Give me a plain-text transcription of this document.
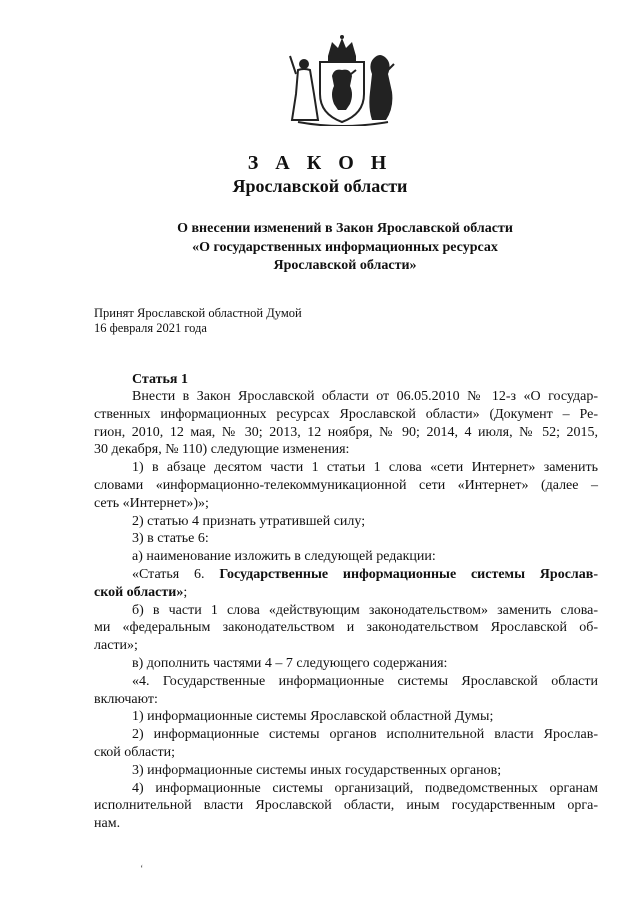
З А К О Н
Ярославской области
О внесении изменений в Закон Ярославской области
«О государственных информационных ресурсах
Ярославской области»
Принят Ярославской областной Думой
16 февраля 2021 года
Статья 1
Внести в Закон Ярославской области от 06.05.2010 № 12-з «О государ-
ственных информационных ресурсах Ярославской области» (Документ – Ре-
гион, 2010, 12 мая, № 30; 2013, 12 ноября, № 90; 2014, 4 июля, № 52; 2015,
30 декабря, № 110) следующие изменения:
1) в абзаце десятом части 1 статьи 1 слова «сети Интернет» заменить
словами «информационно-телекоммуникационной сети «Интернет» (далее –
сеть «Интернет»)»;
2) статью 4 признать утратившей силу;
3) в статье 6:
а) наименование изложить в следующей редакции:
«Статья 6. Государственные информационные системы Ярослав-
ской области»;
б) в части 1 слова «действующим законодательством» заменить слова-
ми «федеральным законодательством и законодательством Ярославской об-
ласти»;
в) дополнить частями 4 – 7 следующего содержания:
«4. Государственные информационные системы Ярославской области
включают:
1) информационные системы Ярославской областной Думы;
2) информационные системы органов исполнительной власти Ярослав-
ской области;
3) информационные системы иных государственных органов;
4) информационные системы организаций, подведомственных органам
исполнительной власти Ярославской области, иным государственным орга-
нам.
ʻ
